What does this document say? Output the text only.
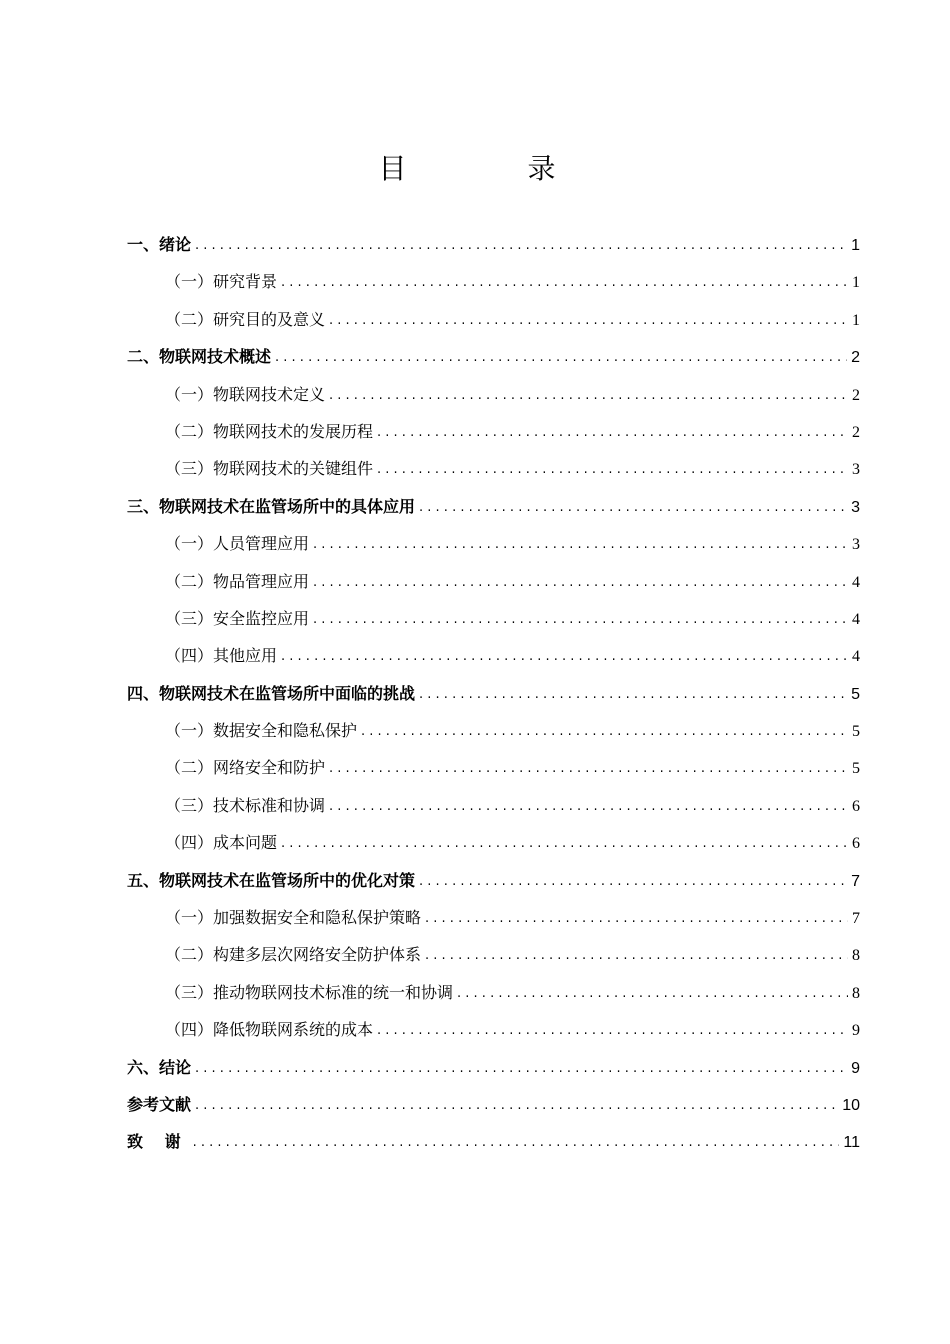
目 录
一、绪论 . . .	1
（一）研究背景 . . .	1
（二）研究目的及意义 . . .	1
二、物联网技术概述 . . .	2
（一）物联网技术定义 . . .	2
（二）物联网技术的发展历程 . . .	2
（三）物联网技术的关键组件 . . .	3
三、物联网技术在监管场所中的具体应用 . . .	3
（一）人员管理应用 . . .	3
（二）物品管理应用 . . .	4
（三）安全监控应用 . . .	4
（四）其他应用 . . .	4
四、物联网技术在监管场所中面临的挑战 . . .	5
（一）数据安全和隐私保护 . . .	5
（二）网络安全和防护 . . .	5
（三）技术标准和协调 . . .	6
（四）成本问题 . . .	6
五、物联网技术在监管场所中的优化对策 . . .	7
（一）加强数据安全和隐私保护策略 . . .	7
（二）构建多层次网络安全防护体系 . . .	8
（三）推动物联网技术标准的统一和协调 . . .	8
（四）降低物联网系统的成本 . . .	9
六、结论 . . .	9
参考文献 . . .	10
致 谢 . . .	11
